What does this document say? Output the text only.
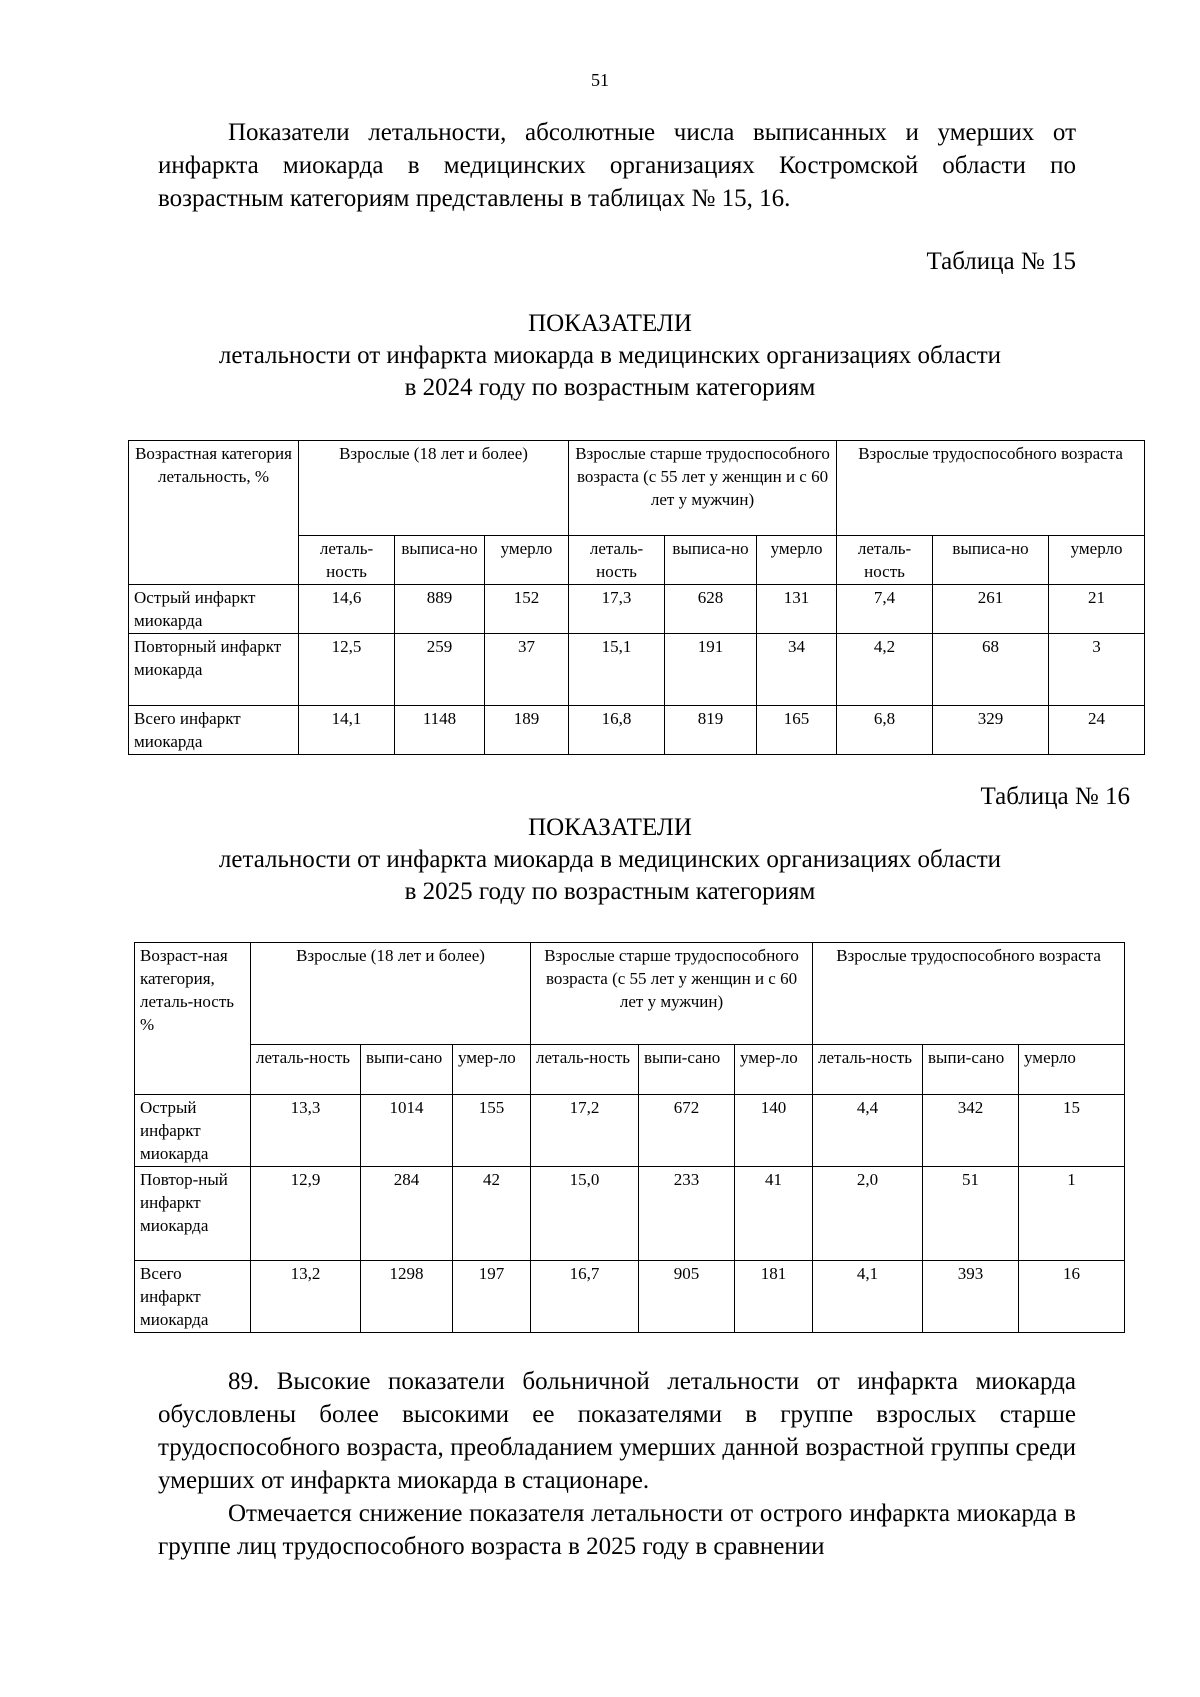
51

Показатели летальности, абсолютные числа выписанных и умерших от инфаркта миокарда в медицинских организациях Костромской области по возрастным категориям представлены в таблицах № 15, 16.

Таблица № 15
ПОКАЗАТЕЛИ
летальности от инфаркта миокарда в медицинских организациях области
в 2024 году по возрастным категориям
Возрастная категория летальность, %	Взрослые (18 лет и более)			Взрослые старше трудоспособного возраста (с 55 лет у женщин и с 60 лет у мужчин)			Взрослые трудоспособного возраста		
	леталь-ность	выписа-но	умерло	леталь-ность	выписа-но	умерло	леталь-ность	выписа-но	умерло
Острый инфаркт миокарда	14,6	889	152	17,3	628	131	7,4	261	21
Повторный инфаркт миокарда	12,5	259	37	15,1	191	34	4,2	68	3
Всего инфаркт миокарда	14,1	1148	189	16,8	819	165	6,8	329	24
Таблица № 16
ПОКАЗАТЕЛИ
летальности от инфаркта миокарда в медицинских организациях области
в 2025 году по возрастным категориям
Возраст-ная категория, леталь-ность %	Взрослые (18 лет и более)			Взрослые старше трудоспособного возраста (с 55 лет у женщин и с 60 лет у мужчин)			Взрослые трудоспособного возраста		
	леталь-ность	выпи-сано	умер-ло	леталь-ность	выпи-сано	умер-ло	леталь-ность	выпи-сано	умерло
Острый инфаркт миокарда	13,3	1014	155	17,2	672	140	4,4	342	15
Повтор-ный инфаркт миокарда	12,9	284	42	15,0	233	41	2,0	51	1
Всего инфаркт миокарда	13,2	1298	197	16,7	905	181	4,1	393	16

89. Высокие показатели больничной летальности от инфаркта миокарда обусловлены более высокими ее показателями в группе взрослых старше трудоспособного возраста, преобладанием умерших данной возрастной группы среди умерших от инфаркта миокарда в стационаре.

Отмечается снижение показателя летальности от острого инфаркта миокарда в группе лиц трудоспособного возраста в 2025 году в сравнении
